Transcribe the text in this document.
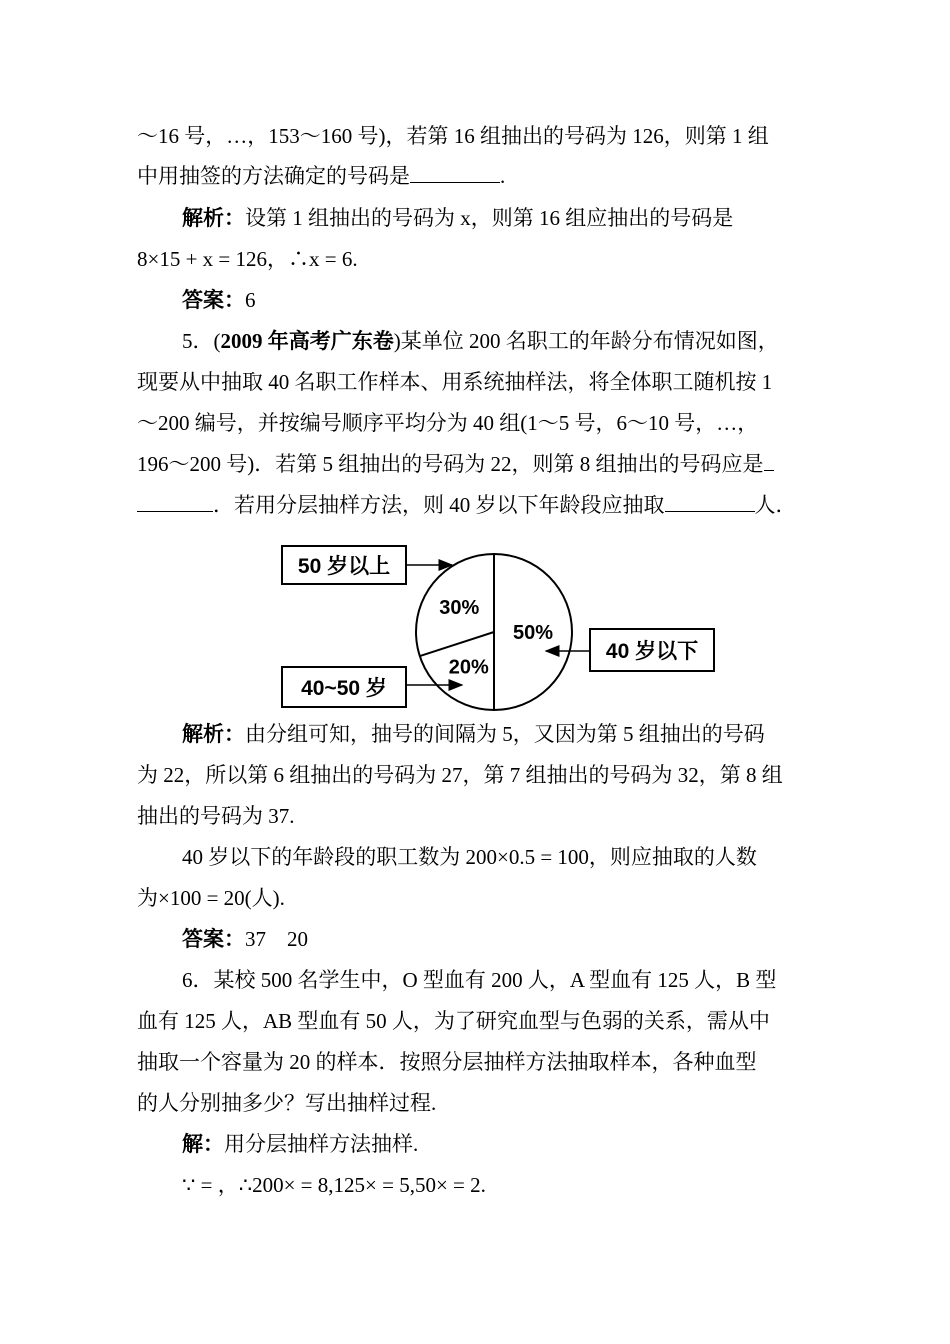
～16 号，…，153～160 号)，若第 16 组抽出的号码为 126，则第 1 组
中用抽签的方法确定的号码是	.
解析：设第 1 组抽出的号码为 x，则第 16 组应抽出的号码是
8×15 + x = 126，∴x = 6.
答案：6
5．(2009 年高考广东卷)某单位 200 名职工的年龄分布情况如图，
现要从中抽取 40 名职工作样本、用系统抽样法，将全体职工随机按 1
～200 编号，并按编号顺序平均分为 40 组(1～5 号，6～10 号，…，
196～200 号)．若第 5 组抽出的号码为 22，则第 8 组抽出的号码应是
．若用分层抽样方法，则 40 岁以下年龄段应抽取	人．
20%
30%
50%
50 岁以上
40~50 岁
40 岁以下
解析：由分组可知，抽号的间隔为 5，又因为第 5 组抽出的号码
为 22，所以第 6 组抽出的号码为 27，第 7 组抽出的号码为 32，第 8 组
抽出的号码为 37.
40 岁以下的年龄段的职工数为 200×0.5 = 100，则应抽取的人数
为×100 = 20(人).
答案：37　20
6．某校 500 名学生中，O 型血有 200 人，A 型血有 125 人，B 型
血有 125 人，AB 型血有 50 人，为了研究血型与色弱的关系，需从中
抽取一个容量为 20 的样本．按照分层抽样方法抽取样本，各种血型
的人分别抽多少？写出抽样过程.
解：用分层抽样方法抽样.
∵ = ，∴200× = 8,125× = 5,50× = 2.
